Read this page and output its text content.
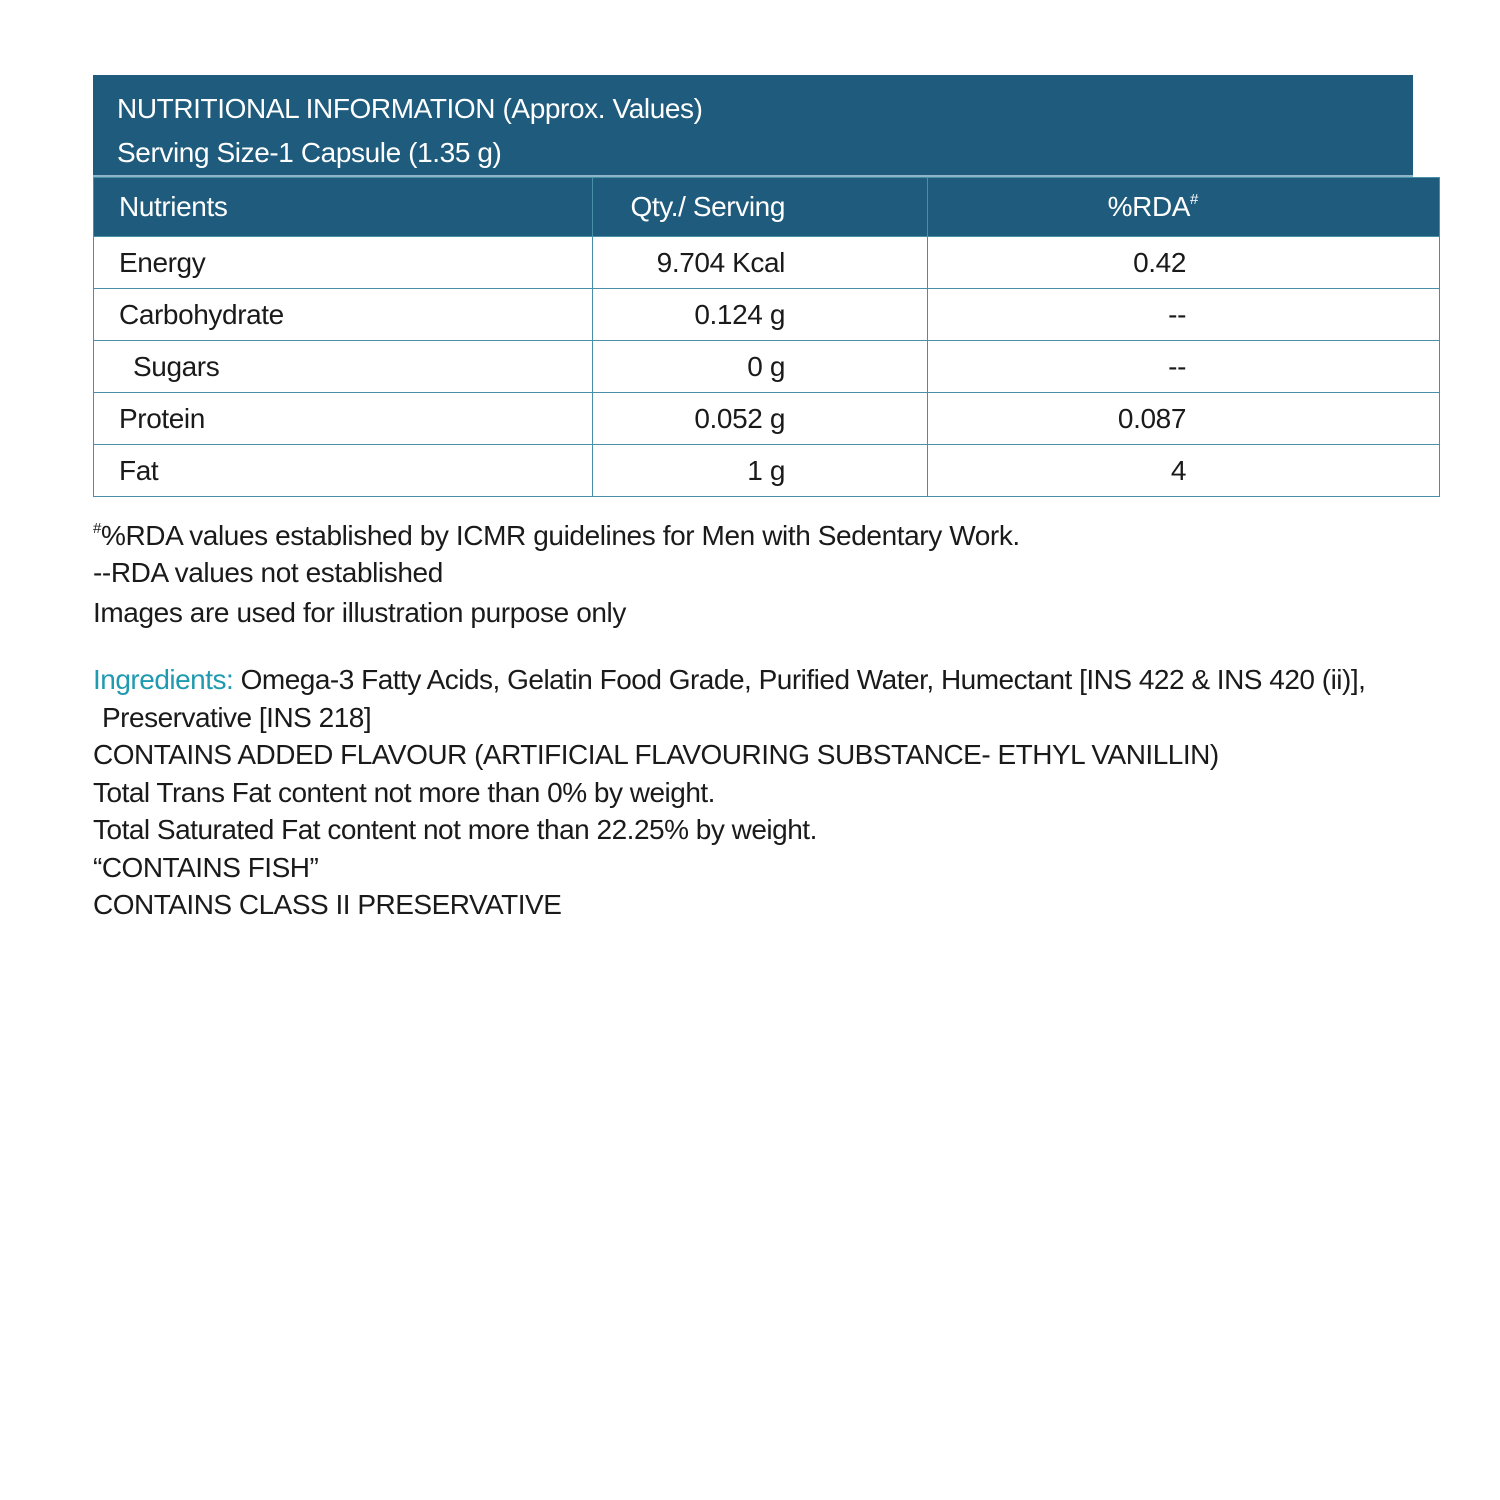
NUTRITIONAL INFORMATION (Approx. Values)
Serving Size-1 Capsule (1.35 g)
Nutrients	Qty./ Serving	%RDA#

Energy	9.704 Kcal	0.42

Carbohydrate	0.124 g	--

Sugars	0 g	--

Protein	0.052 g	0.087

Fat	1 g	4
#%RDA values established by ICMR guidelines for Men with Sedentary Work.
--RDA values not established
Images are used for illustration purpose only
Ingredients: Omega-3 Fatty Acids, Gelatin Food Grade, Purified Water, Humectant [INS 422 & INS 420 (ii)],
Preservative [INS 218]
CONTAINS ADDED FLAVOUR (ARTIFICIAL FLAVOURING SUBSTANCE- ETHYL VANILLIN)
Total Trans Fat content not more than 0% by weight.
Total Saturated Fat content not more than 22.25% by weight.
“CONTAINS FISH”
CONTAINS CLASS II PRESERVATIVE
